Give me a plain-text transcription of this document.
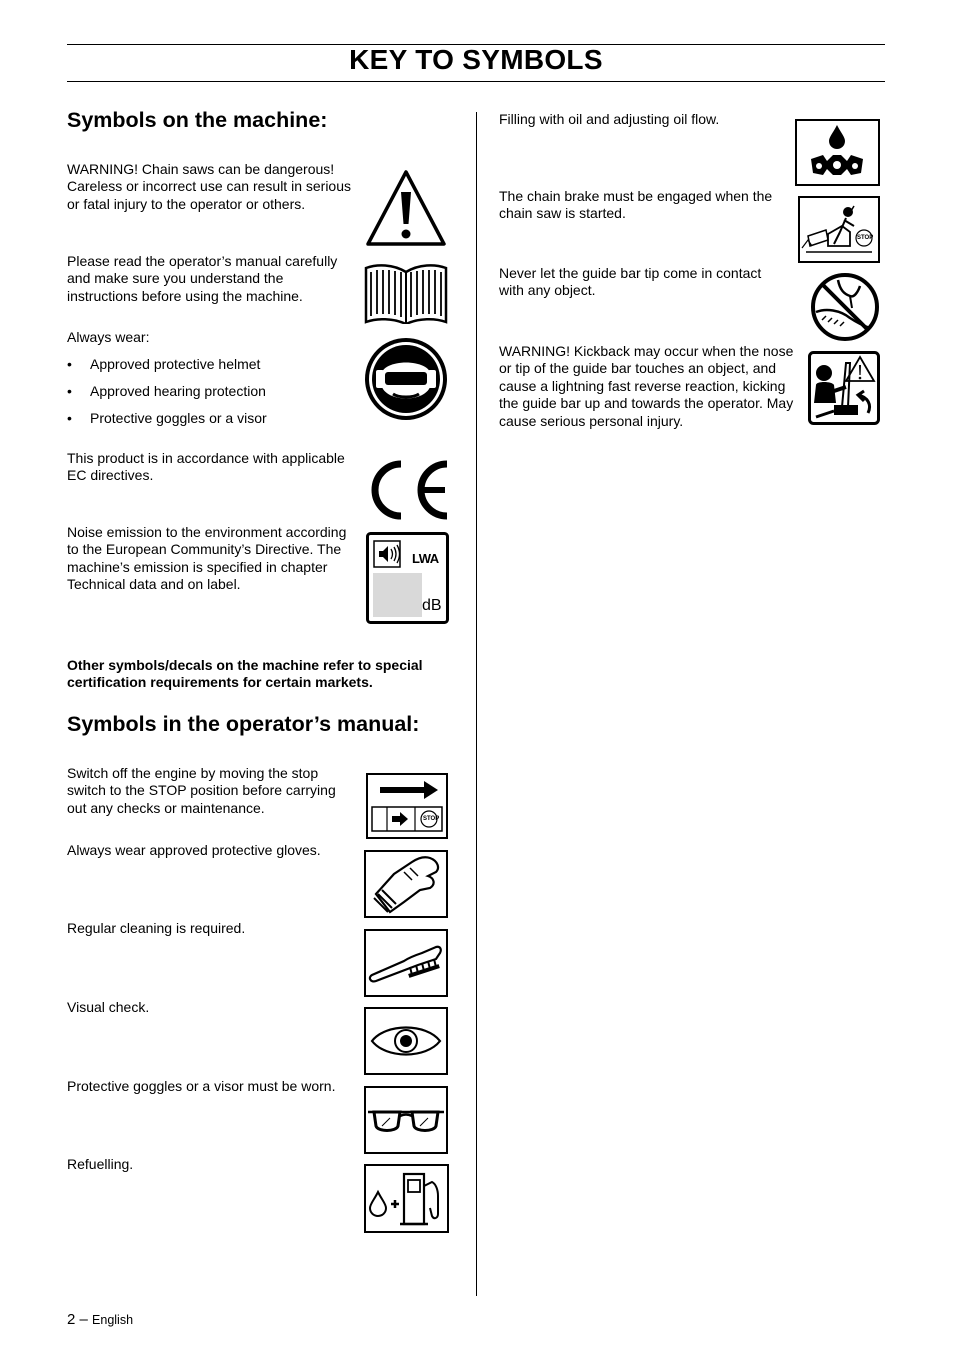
KEY TO SYMBOLS
Symbols on the machine:

WARNING! Chain saws can be dangerous! Careless or incorrect use can result in serious or fatal injury to the operator or others.

Please read the operator’s manual carefully and make sure you understand the instructions before using the machine.

Always wear:

• Approved protective helmet
• Approved hearing protection
• Protective goggles or a visor

This product is in accordance with applicable EC directives.

Noise emission to the environment according to the European Community’s Directive. The machine’s emission is specified in chapter Technical data and on label.

LWA
dB

Other symbols/decals on the machine refer to special certification requirements for certain markets.

Symbols in the operator’s manual:

Switch off the engine by moving the stop switch to the STOP position before carrying out any checks or maintenance.

STOP

Always wear approved protective gloves.

Regular cleaning is required.

Visual check.

Protective goggles or a visor must be worn.

Refuelling.

Filling with oil and adjusting oil flow.

The chain brake must be engaged when the chain saw is started.

STOP

Never let the guide bar tip come in contact with any object.

WARNING! Kickback may occur when the nose or tip of the guide bar touches an object, and cause a lightning fast reverse reaction, kicking the guide bar up and towards the operator. May cause serious personal injury.

2 – English
